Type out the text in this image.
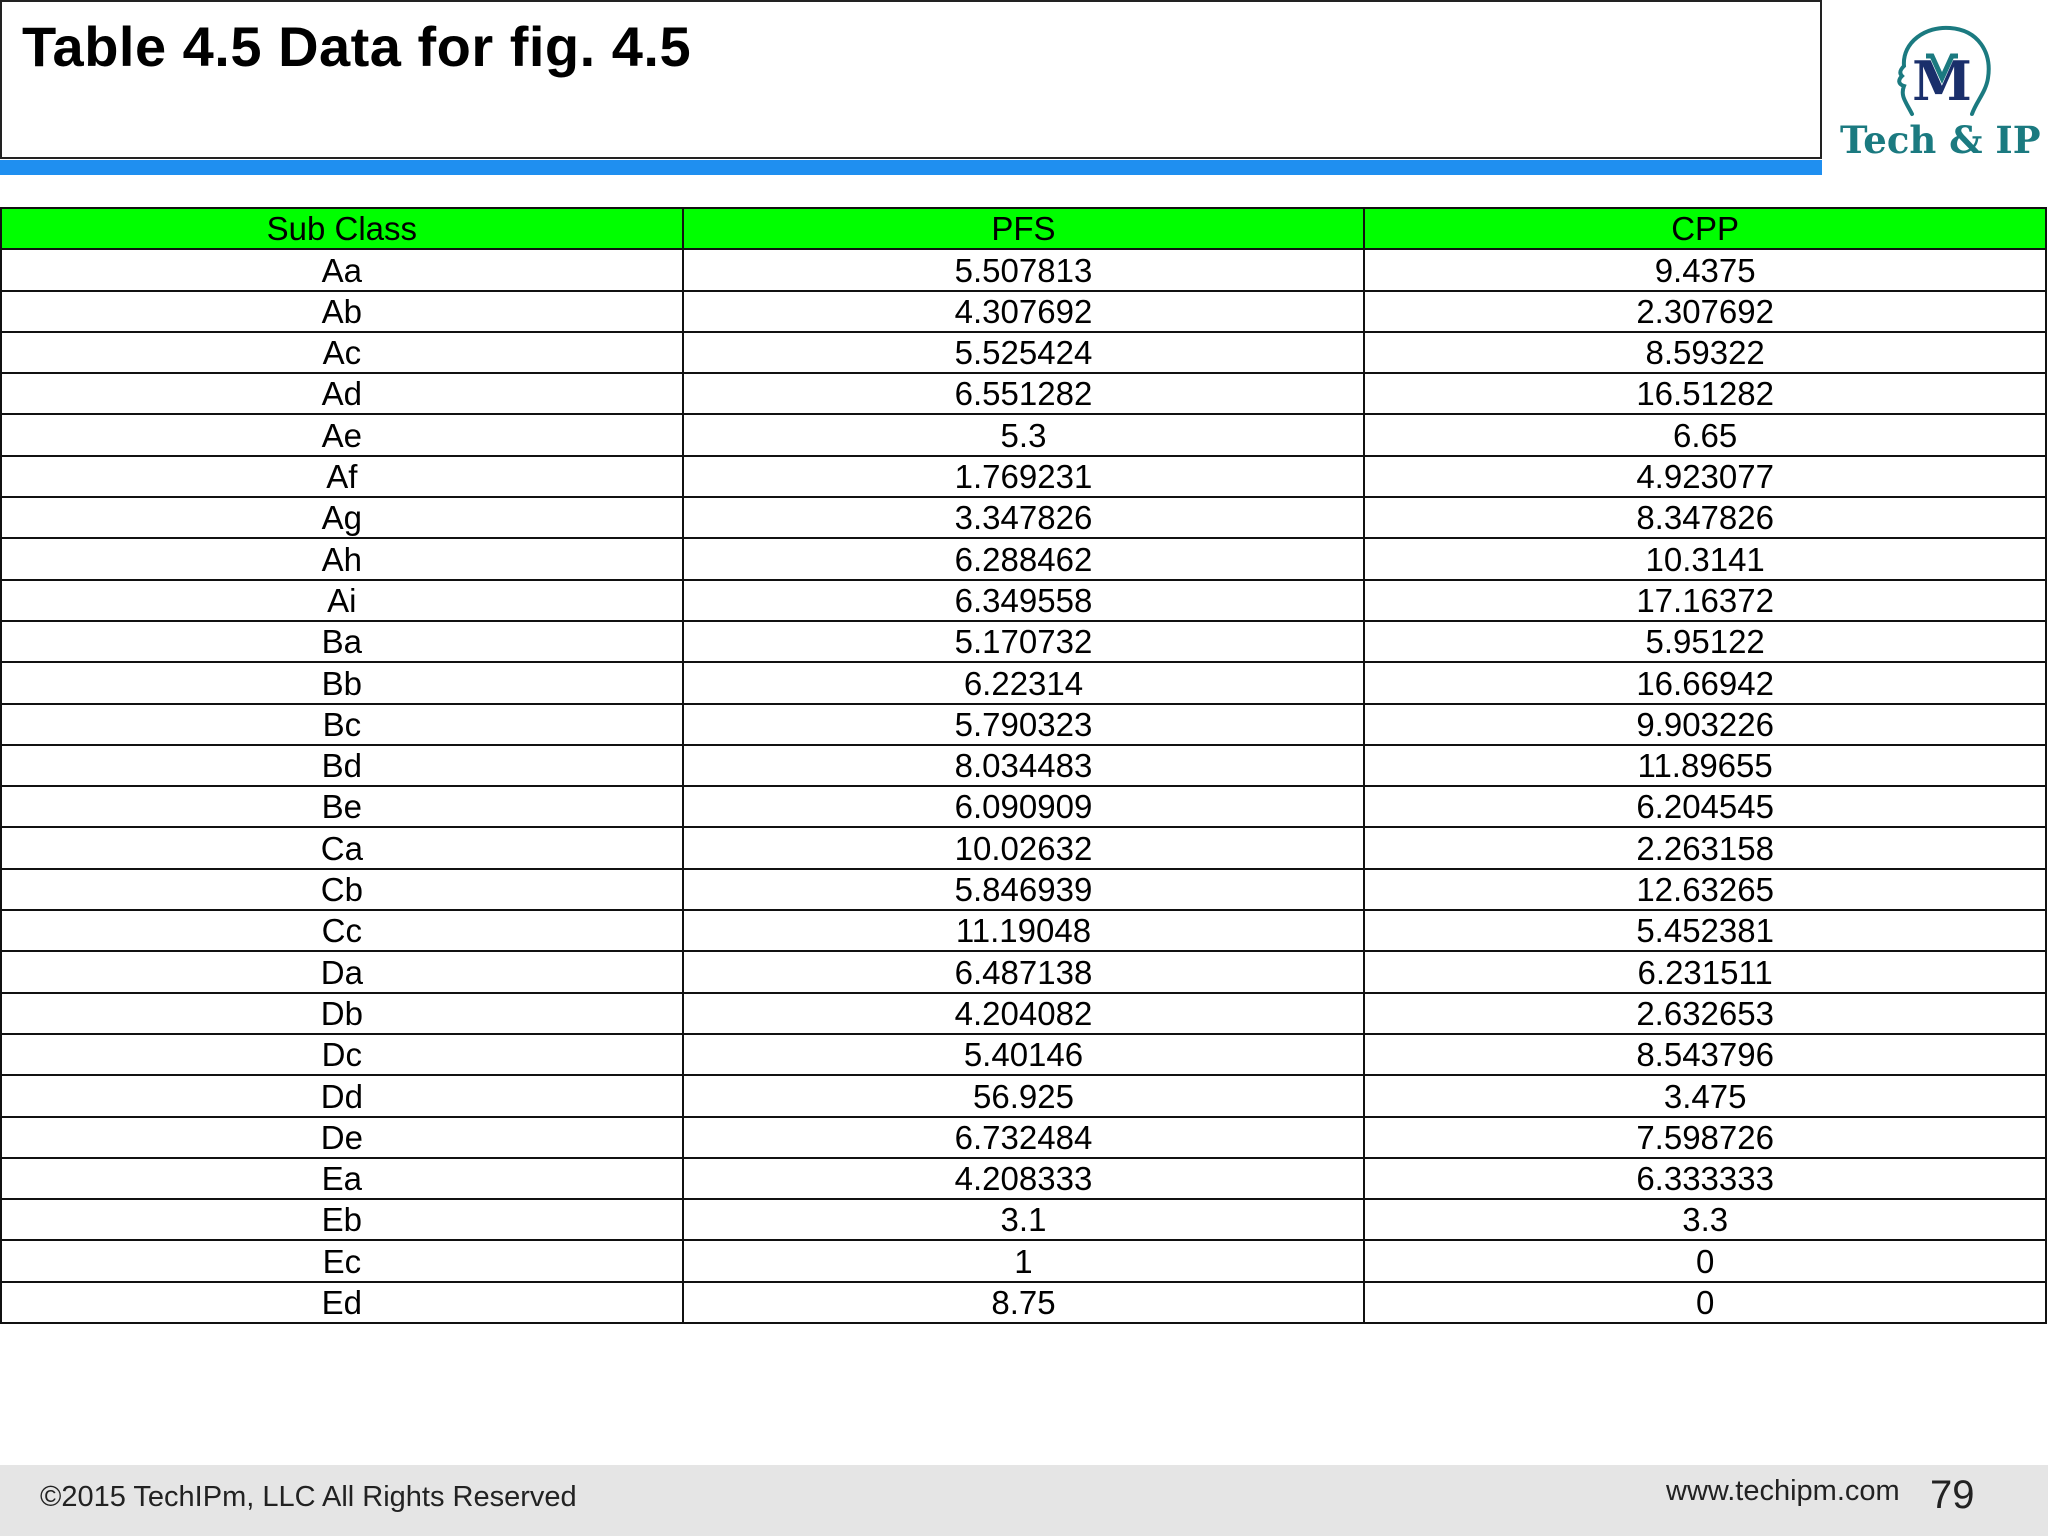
Table 4.5 Data for fig. 4.5
M
Tech & IP
Sub Class	PFS	CPP
Aa	5.507813	9.4375
Ab	4.307692	2.307692
Ac	5.525424	8.59322
Ad	6.551282	16.51282
Ae	5.3	6.65
Af	1.769231	4.923077
Ag	3.347826	8.347826
Ah	6.288462	10.3141
Ai	6.349558	17.16372
Ba	5.170732	5.95122
Bb	6.22314	16.66942
Bc	5.790323	9.903226
Bd	8.034483	11.89655
Be	6.090909	6.204545
Ca	10.02632	2.263158
Cb	5.846939	12.63265
Cc	11.19048	5.452381
Da	6.487138	6.231511
Db	4.204082	2.632653
Dc	5.40146	8.543796
Dd	56.925	3.475
De	6.732484	7.598726
Ea	4.208333	6.333333
Eb	3.1	3.3
Ec	1	0
Ed	8.75	0
©2015 TechIPm, LLC All Rights Reserved	www.techipm.com 79
